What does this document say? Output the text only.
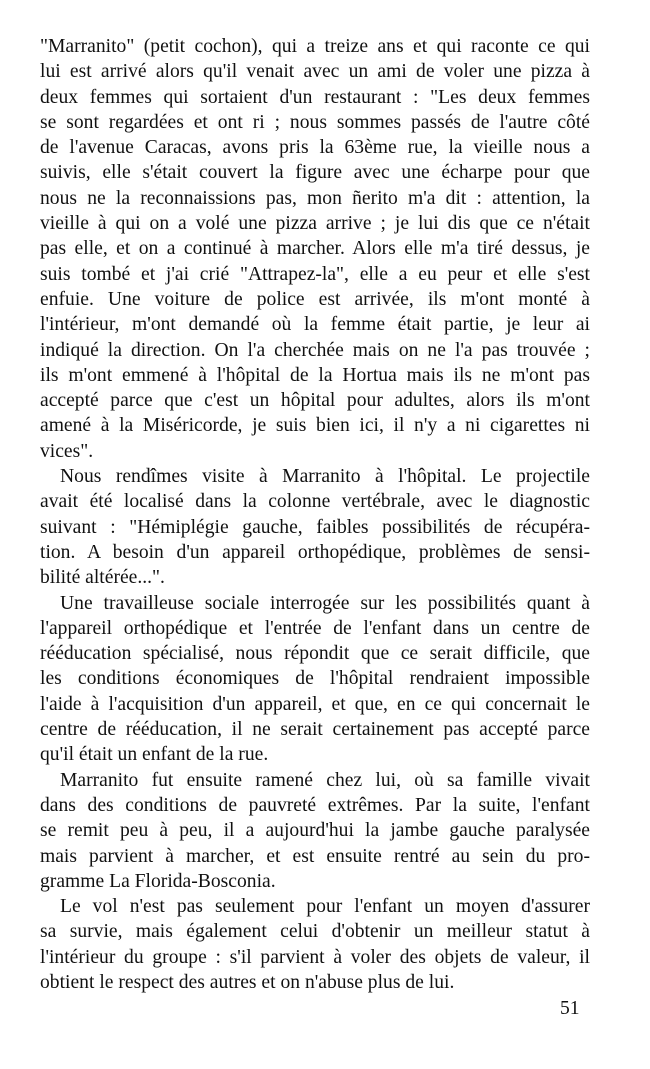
"Marranito" (petit cochon), qui a treize ans et qui raconte ce qui
lui est arrivé alors qu'il venait avec un ami de voler une pizza à
deux femmes qui sortaient d'un restaurant : "Les deux femmes
se sont regardées et ont ri ; nous sommes passés de l'autre côté
de l'avenue Caracas, avons pris la 63ème rue, la vieille nous a
suivis, elle s'était couvert la figure avec une écharpe pour que
nous ne la reconnaissions pas, mon ñerito m'a dit : attention, la
vieille à qui on a volé une pizza arrive ; je lui dis que ce n'était
pas elle, et on a continué à marcher. Alors elle m'a tiré dessus, je
suis tombé et j'ai crié "Attrapez-la", elle a eu peur et elle s'est
enfuie. Une voiture de police est arrivée, ils m'ont monté à
l'intérieur, m'ont demandé où la femme était partie, je leur ai
indiqué la direction. On l'a cherchée mais on ne l'a pas trouvée ;
ils m'ont emmené à l'hôpital de la Hortua mais ils ne m'ont pas
accepté parce que c'est un hôpital pour adultes, alors ils m'ont
amené à la Miséricorde, je suis bien ici, il n'y a ni cigarettes ni
vices".
Nous rendîmes visite à Marranito à l'hôpital. Le projectile
avait été localisé dans la colonne vertébrale, avec le diagnostic
suivant : "Hémiplégie gauche, faibles possibilités de récupéra-
tion. A besoin d'un appareil orthopédique, problèmes de sensi-
bilité altérée...".
Une travailleuse sociale interrogée sur les possibilités quant à
l'appareil orthopédique et l'entrée de l'enfant dans un centre de
rééducation spécialisé, nous répondit que ce serait difficile, que
les conditions économiques de l'hôpital rendraient impossible
l'aide à l'acquisition d'un appareil, et que, en ce qui concernait le
centre de rééducation, il ne serait certainement pas accepté parce
qu'il était un enfant de la rue.
Marranito fut ensuite ramené chez lui, où sa famille vivait
dans des conditions de pauvreté extrêmes. Par la suite, l'enfant
se remit peu à peu, il a aujourd'hui la jambe gauche paralysée
mais parvient à marcher, et est ensuite rentré au sein du pro-
gramme La Florida-Bosconia.
Le vol n'est pas seulement pour l'enfant un moyen d'assurer
sa survie, mais également celui d'obtenir un meilleur statut à
l'intérieur du groupe : s'il parvient à voler des objets de valeur, il
obtient le respect des autres et on n'abuse plus de lui.
51
